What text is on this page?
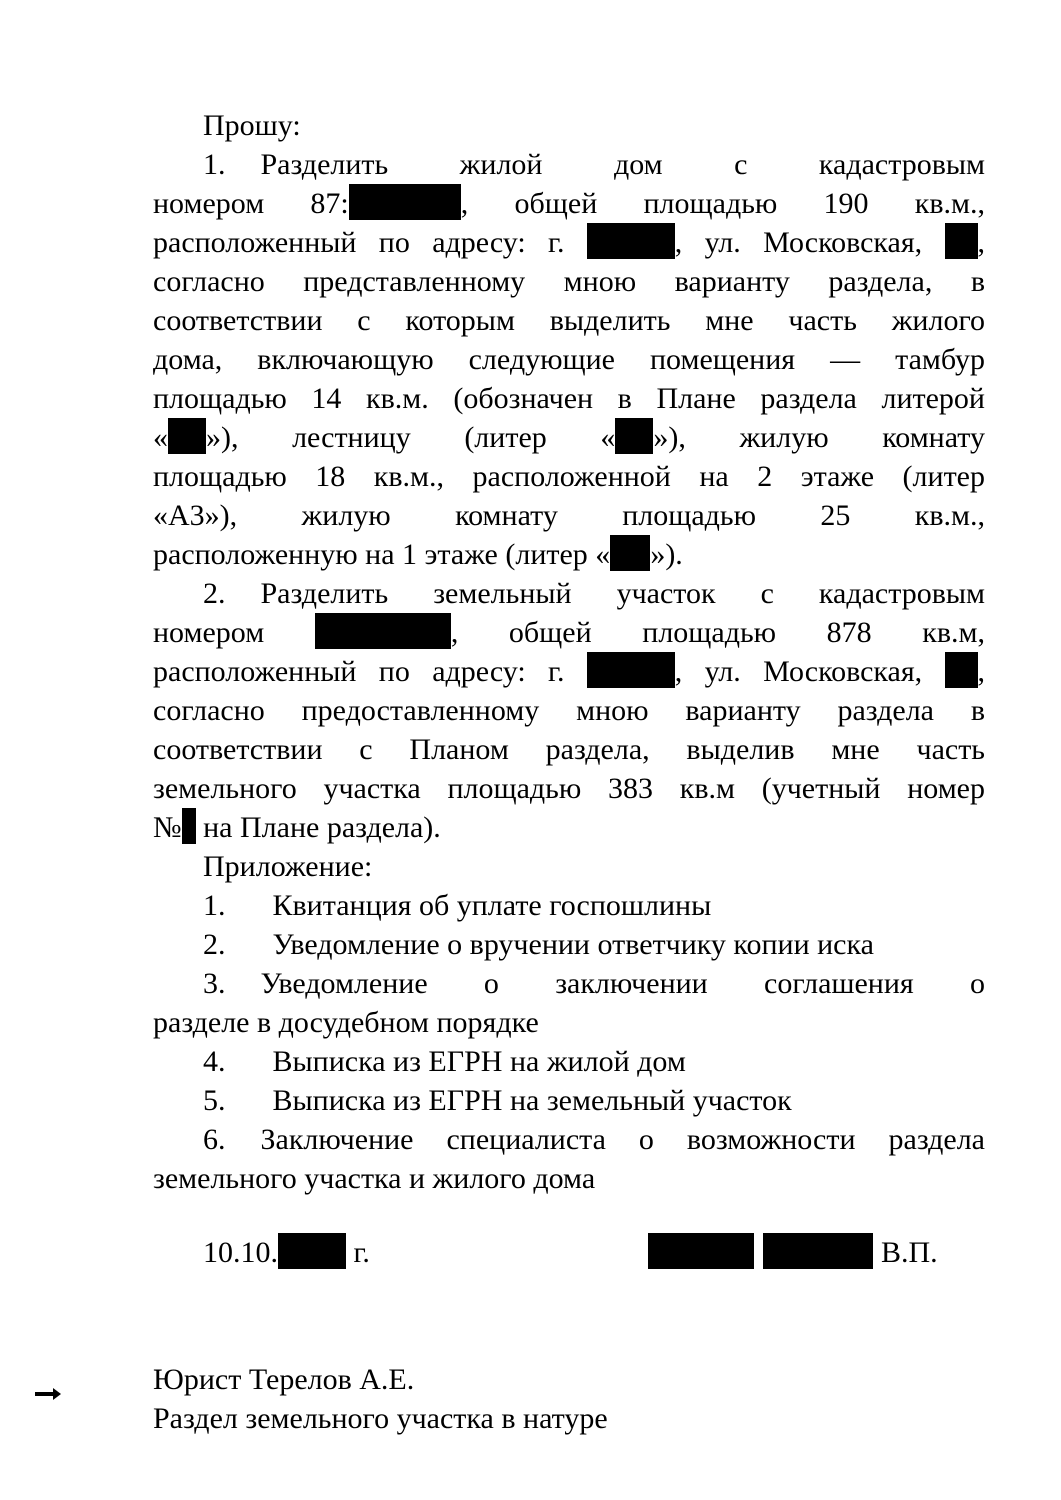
Прошу:
1. Разделить жилой дом с кадастровым
номером 87:	, общей площадью 190 кв.м.,
расположенный по адресу: г.	, ул. Московская, ,
согласно представленному мною варианту раздела, в
соответствии с которым выделить мне часть жилого
дома, включающую следующие помещения — тамбур
площадью 14 кв.м. (обозначен в Плане раздела литерой
« »), лестницу (литер « »), жилую комнату
площадью 18 кв.м., расположенной на 2 этаже (литер
«А3»), жилую комнату площадью 25 кв.м.,
расположенную на 1 этаже (литер « »).
2. Разделить земельный участок с кадастровым
номером	, общей площадью 878 кв.м,
расположенный по адресу: г.	, ул. Московская, ,
согласно предоставленному мною варианту раздела в
соответствии с Планом раздела, выделив мне часть
земельного участка площадью 383 кв.м (учетный номер
№ на Плане раздела).
Приложение:
1. Квитанция об уплате госпошлины
2. Уведомление о вручении ответчику копии иска
3. Уведомление о заключении соглашения о
разделе в досудебном порядке
4. Выписка из ЕГРН на жилой дом
5. Выписка из ЕГРН на земельный участок
6. Заключение специалиста о возможности раздела
земельного участка и жилого дома
10.10. г.	В.П.
Юрист Терелов А.Е.
Раздел земельного участка в натуре
